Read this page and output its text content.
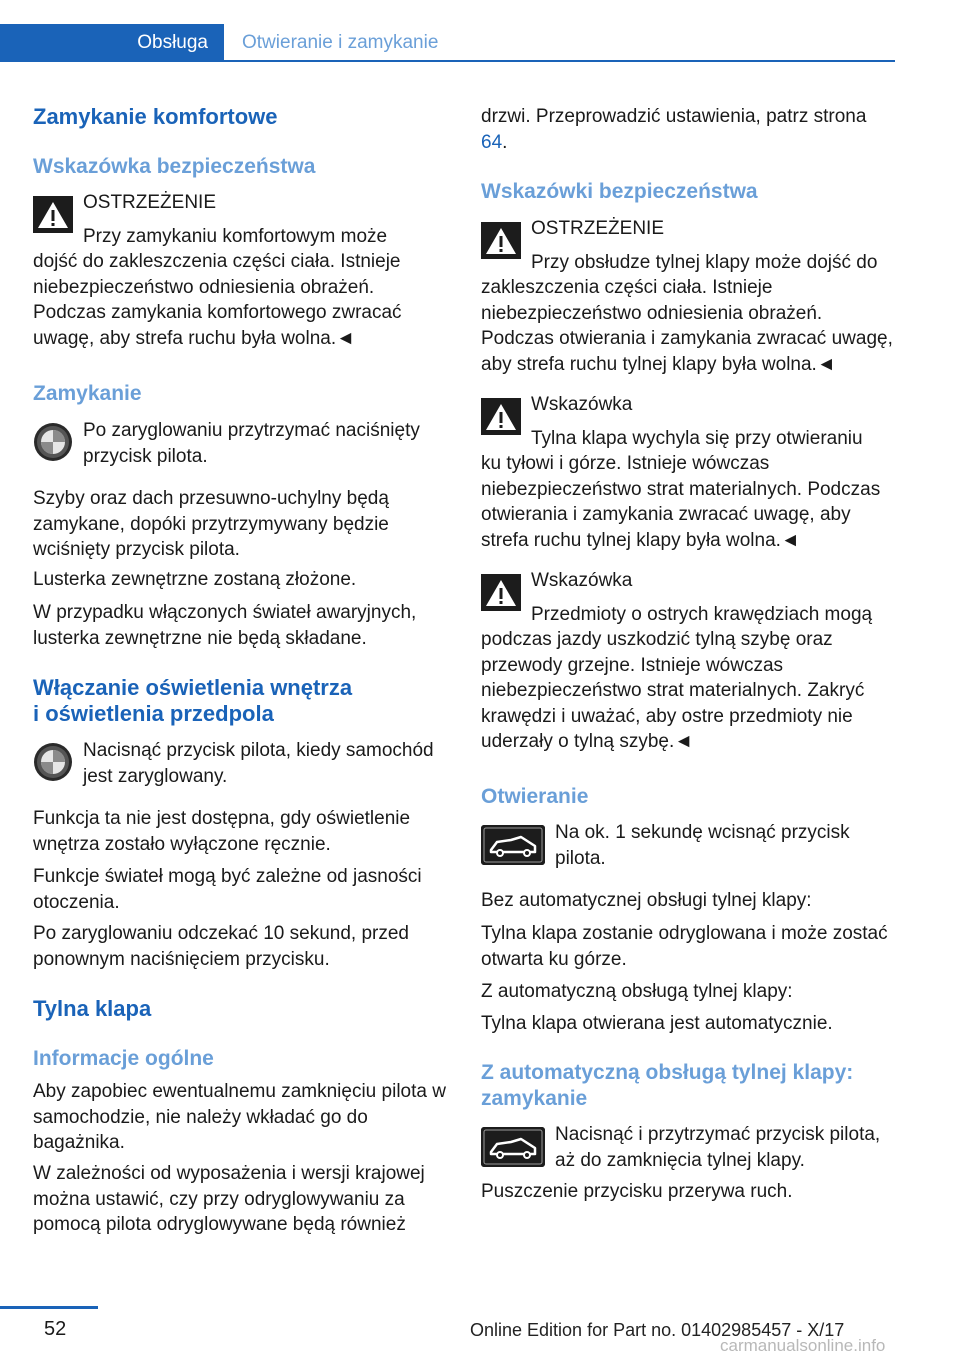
Obsługa Otwieranie i zamykanie
Zamykanie komfortowe
Wskazówka bezpieczeństwa

OSTRZEŻENIE

Przy zamykaniu komfortowym może

dojść do zakleszczenia części ciała. Istnieje niebezpieczeństwo odniesienia obrażeń. Podczas zamykania komfortowego zwracać uwagę, aby strefa ruchu była wolna.◄

Zamykanie

Po zaryglowaniu przytrzymać naciśnięty przycisk pilota.

Szyby oraz dach przesuwno-uchylny będą zamykane, dopóki przytrzymywany będzie wciśnięty przycisk pilota.

Lusterka zewnętrzne zostaną złożone.

W przypadku włączonych świateł awaryjnych, lusterka zewnętrzne nie będą składane.

Włączanie oświetlenia wnętrza
i oświetlenia przedpola

Nacisnąć przycisk pilota, kiedy samochód jest zaryglowany.

Funkcja ta nie jest dostępna, gdy oświetlenie wnętrza zostało wyłączone ręcznie.

Funkcje świateł mogą być zależne od jasności otoczenia.

Po zaryglowaniu odczekać 10 sekund, przed ponownym naciśnięciem przycisku.

Tylna klapa
Informacje ogólne

Aby zapobiec ewentualnemu zamknięciu pilota w samochodzie, nie należy wkładać go do bagażnika.

W zależności od wyposażenia i wersji krajowej można ustawić, czy przy odryglowywaniu za pomocą pilota odryglowywane będą również

drzwi. Przeprowadzić ustawienia, patrz strona 64.

Wskazówki bezpieczeństwa

OSTRZEŻENIE

Przy obsłudze tylnej klapy może dojść do

zakleszczenia części ciała. Istnieje niebezpieczeństwo odniesienia obrażeń. Podczas otwierania i zamykania zwracać uwagę, aby strefa ruchu tylnej klapy była wolna.◄

Wskazówka

Tylna klapa wychyla się przy otwieraniu

ku tyłowi i górze. Istnieje wówczas niebezpieczeństwo strat materialnych. Podczas otwierania i zamykania zwracać uwagę, aby strefa ruchu tylnej klapy była wolna.◄

Wskazówka

Przedmioty o ostrych krawędziach mogą

podczas jazdy uszkodzić tylną szybę oraz przewody grzejne. Istnieje wówczas niebezpieczeństwo strat materialnych. Zakryć krawędzi i uważać, aby ostre przedmioty nie uderzały o tylną szybę.◄

Otwieranie

Na ok. 1 sekundę wcisnąć przycisk pilota.

Bez automatycznej obsługi tylnej klapy:

Tylna klapa zostanie odryglowana i może zostać otwarta ku górze.

Z automatyczną obsługą tylnej klapy:

Tylna klapa otwierana jest automatycznie.

Z automatyczną obsługą tylnej klapy:
zamykanie

Nacisnąć i przytrzymać przycisk pilota, aż do zamknięcia tylnej klapy.

Puszczenie przycisku przerywa ruch.

52	Online Edition for Part no. 01402985457 - X/17
carmanualsonline.info
